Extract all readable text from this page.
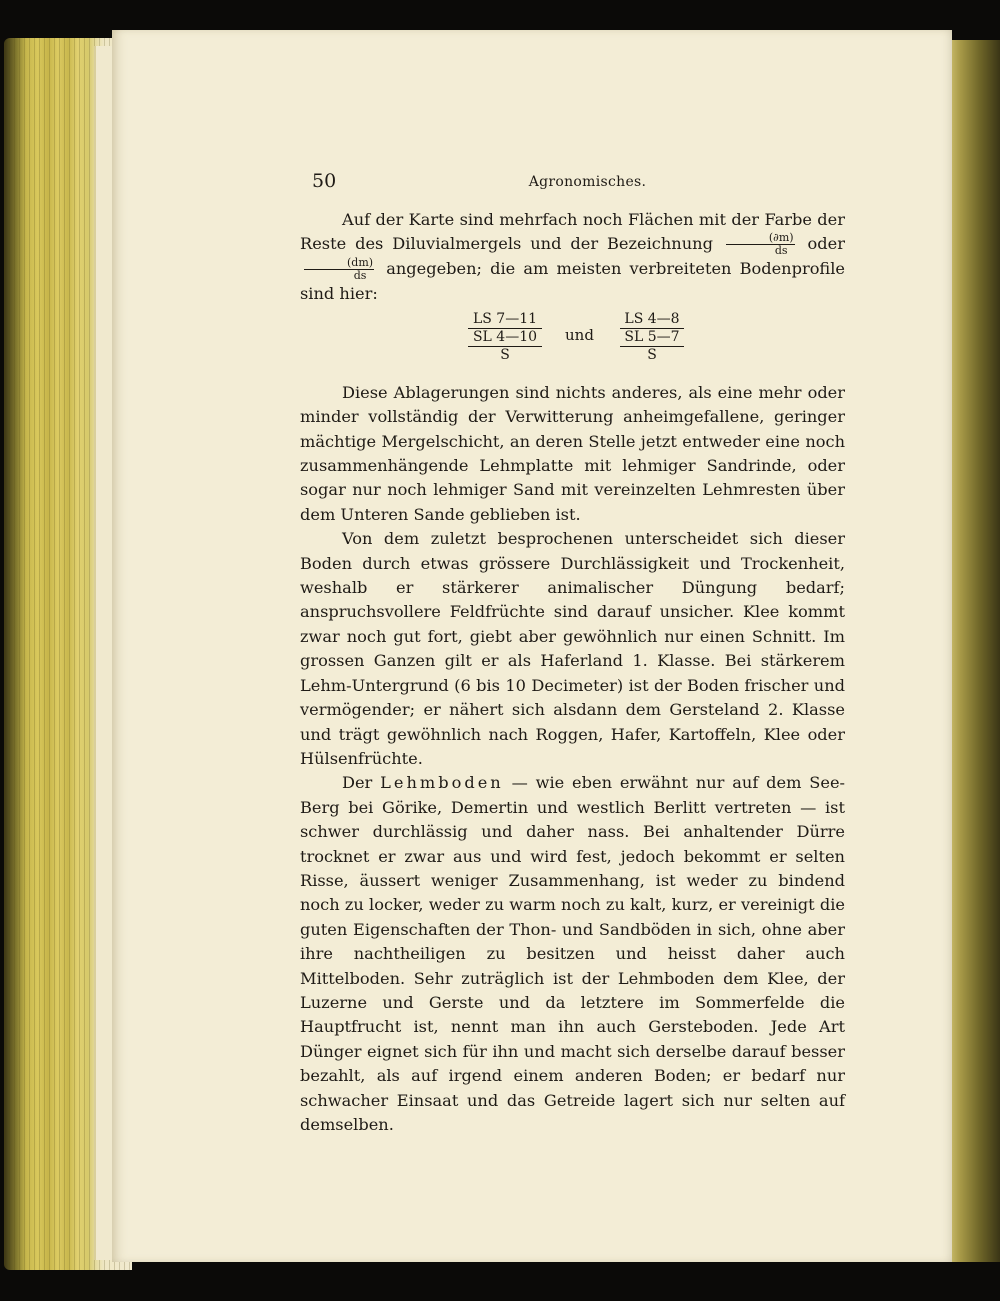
50	Agronomisches.

Auf der Karte sind mehrfach noch Flächen mit der Farbe der Reste des Diluvialmergels und der Bezeichnung $\frac{(\partial m)}{ds}$ oder
$\frac{(dm)}{ds}$ angegeben; die am meisten verbreiteten Bodenprofile sind hier:

LS 7—11
SL 4—10
S
und
LS 4—8
SL 5—7
S

Diese Ablagerungen sind nichts anderes, als eine mehr oder minder vollständig der Verwitterung anheimgefallene, geringer mächtige Mergelschicht, an deren Stelle jetzt entweder eine noch zusammenhängende Lehmplatte mit lehmiger Sandrinde, oder sogar nur noch lehmiger Sand mit vereinzelten Lehmresten über dem Unteren Sande geblieben ist.

Von dem zuletzt besprochenen unterscheidet sich dieser Boden durch etwas grössere Durchlässigkeit und Trockenheit, weshalb er stärkerer animalischer Düngung bedarf; anspruchsvollere Feldfrüchte sind darauf unsicher. Klee kommt zwar noch gut fort, giebt aber gewöhnlich nur einen Schnitt. Im grossen Ganzen gilt er als Haferland 1. Klasse. Bei stärkerem Lehm-Untergrund (6 bis 10 Decimeter) ist der Boden frischer und vermögender; er nähert sich alsdann dem Gersteland 2. Klasse und trägt gewöhnlich nach Roggen, Hafer, Kartoffeln, Klee oder Hülsenfrüchte.

Der Lehmboden — wie eben erwähnt nur auf dem See-Berg bei Görike, Demertin und westlich Berlitt vertreten — ist schwer durchlässig und daher nass. Bei anhaltender Dürre trocknet er zwar aus und wird fest, jedoch bekommt er selten Risse, äussert weniger Zusammenhang, ist weder zu bindend noch zu locker, weder zu warm noch zu kalt, kurz, er vereinigt die guten Eigenschaften der Thon- und Sandböden in sich, ohne aber ihre nachtheiligen zu besitzen und heisst daher auch Mittelboden. Sehr zuträglich ist der Lehmboden dem Klee, der Luzerne und Gerste und da letztere im Sommerfelde die Hauptfrucht ist, nennt man ihn auch Gersteboden. Jede Art Dünger eignet sich für ihn und macht sich derselbe darauf besser bezahlt, als auf irgend einem anderen Boden; er bedarf nur schwacher Einsaat und das Getreide lagert sich nur selten auf demselben.
